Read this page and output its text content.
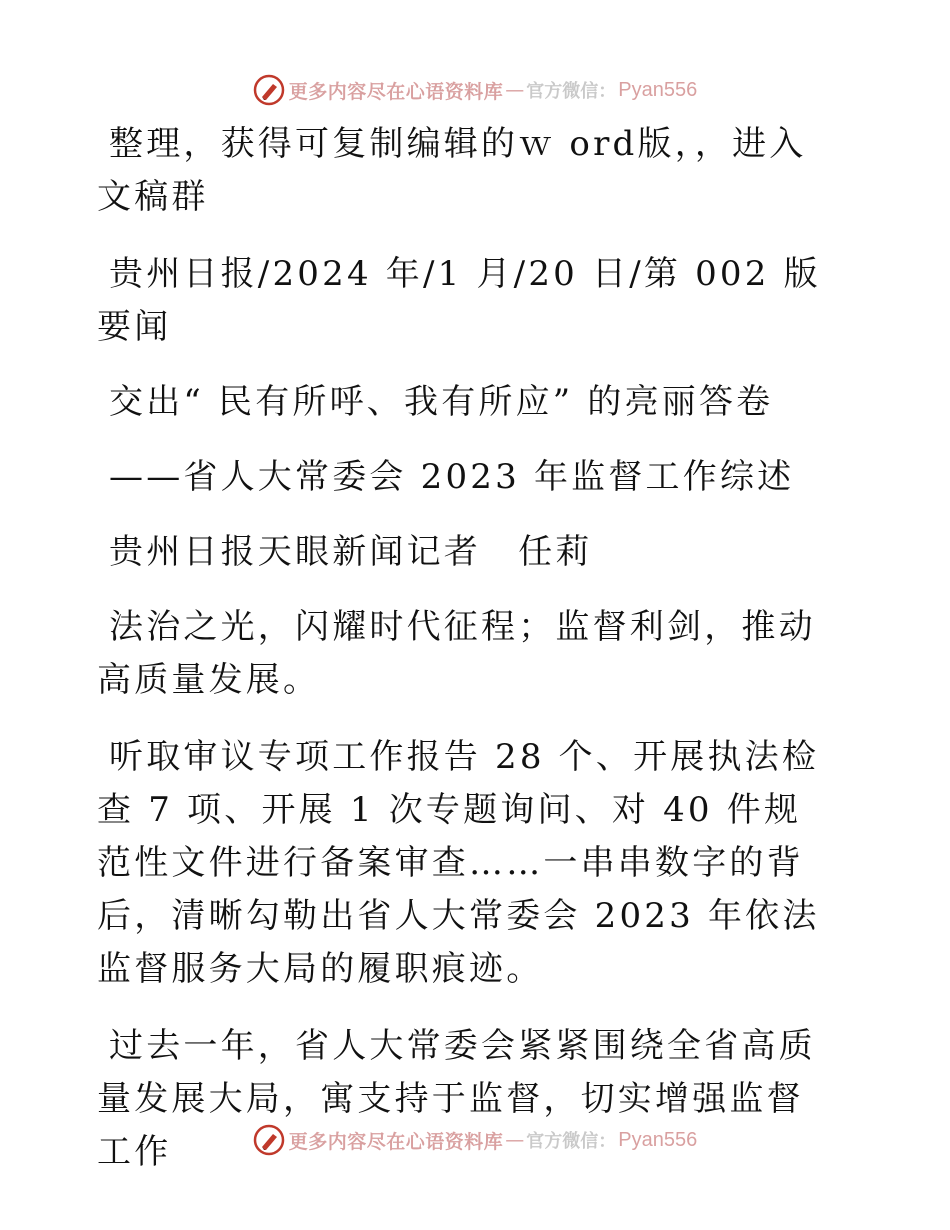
更多内容尽在心语资料库 — 官方微信： Pyan556

整理，获得可复制编辑的ｗ ord版，，进入文稿群

贵州日报/2024 年/1 月/20 日/第 002 版要闻

交出“ 民有所呼、我有所应” 的亮丽答卷

——省人大常委会 2023 年监督工作综述

贵州日报天眼新闻记者　任莉

法治之光，闪耀时代征程；监督利剑，推动高质量发展。

听取审议专项工作报告 28 个、开展执法检查 7 项、开展 1 次专题询问、对 40 件规范性文件进行备案审查……一串串数字的背后，清晰勾勒出省人大常委会 2023 年依法监督服务大局的履职痕迹。

过去一年，省人大常委会紧紧围绕全省高质量发展大局，寓支持于监督，切实增强监督工作	更多内容尽在心语资料库 — 官方微信： Pyan556
